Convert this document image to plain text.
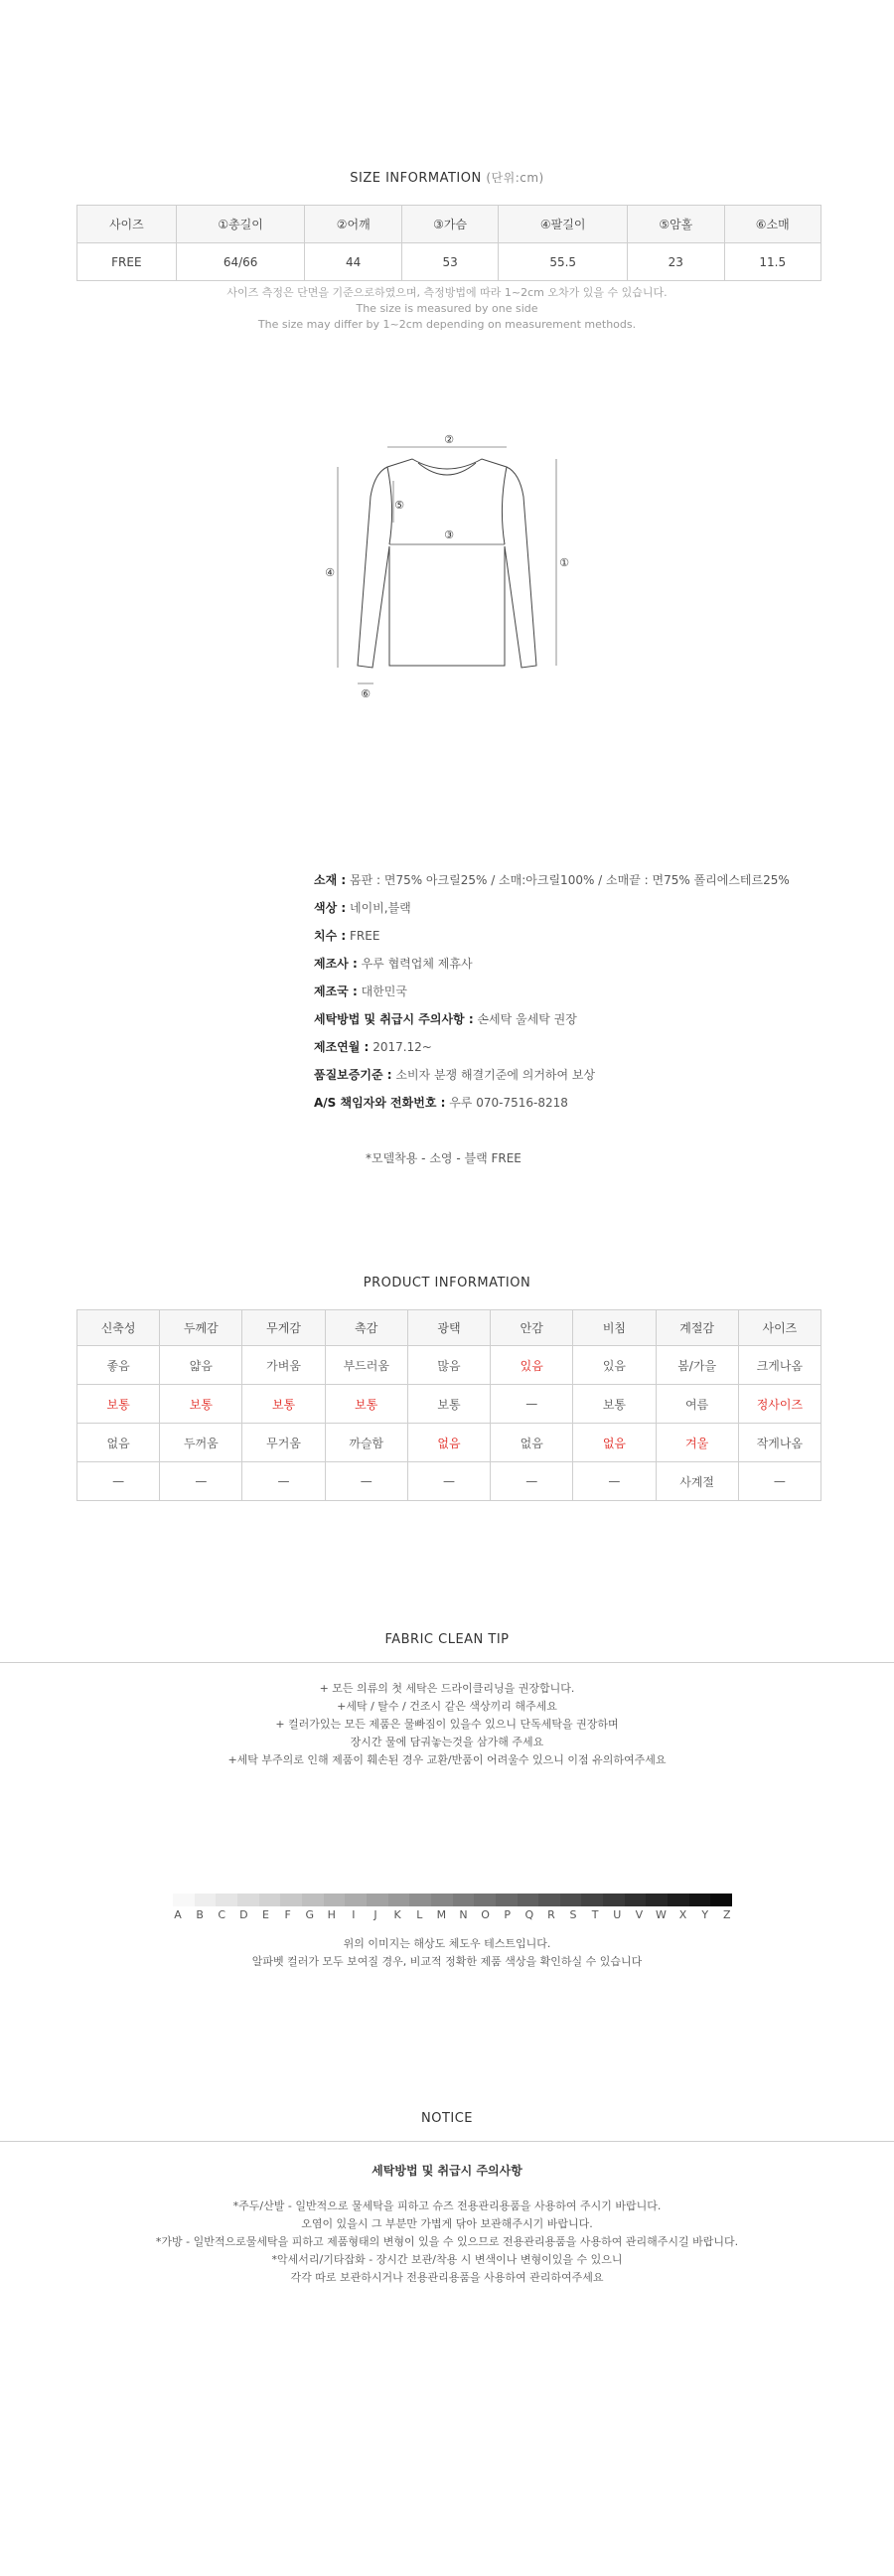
SIZE INFORMATION (단위:cm)
사이즈	①총길이	②어깨	③가슴	④팔길이	⑤암홀	⑥소매
FREE	64/66	44	53	55.5	23	11.5
사이즈 측정은 단면을 기준으로하였으며, 측정방법에 따라 1~2cm 오차가 있을 수 있습니다.
The size is measured by one side
The size may differ by 1~2cm depending on measurement methods.
②
①
④
③
⑤
⑥
소재 : 몸판 : 면75% 아크릴25% / 소매:아크릴100% / 소매끝 : 면75% 폴리에스테르25%
색상 : 네이비,블랙
치수 : FREE
제조사 : 우루 협력업체 제휴사
제조국 : 대한민국
세탁방법 및 취급시 주의사항 : 손세탁 울세탁 권장
제조연월 : 2017.12~
품질보증기준 : 소비자 분쟁 해결기준에 의거하여 보상
A/S 책임자와 전화번호 : 우루 070-7516-8218
*모델착용 - 소영 - 블랙 FREE
PRODUCT INFORMATION
신축성	두께감	무게감	촉감	광택	안감	비침	계절감	사이즈
좋음	얇음	가벼움	부드러움	많음	있음	있음	봄/가을	크게나옴
보통	보통	보통	보통	보통	—	보통	여름	정사이즈
없음	두꺼움	무거움	까슬함	없음	없음	없음	겨울	작게나옴
—	—	—	—	—	—	—	사계절	—
FABRIC CLEAN TIP
+ 모든 의류의 첫 세탁은 드라이클리닝을 권장합니다.
+세탁 / 탈수 / 건조시 같은 색상끼리 해주세요
+ 컬러가있는 모든 제품은 물빠짐이 있을수 있으니 단독세탁을 권장하며
장시간 물에 담궈놓는것을 삼가해 주세요
+세탁 부주의로 인해 제품이 훼손된 경우 교환/반품이 어려울수 있으니 이점 유의하여주세요
A	B	C	D	E	F	G	H	I	J	K	L	M	N	O	P	Q	R	S	T	U	V	W	X	Y	Z
위의 이미지는 해상도 체도우 테스트입니다.
알파벳 컬러가 모두 보여질 경우, 비교적 정확한 제품 색상을 확인하실 수 있습니다
NOTICE
세탁방법 및 취급시 주의사항
*주두/산발 - 일반적으로 물세탁을 피하고 슈즈 전용관리용품을 사용하여 주시기 바랍니다.
오염이 있을시 그 부분만 가볍게 닦아 보관해주시기 바랍니다.
*가방 - 일반적으로물세탁을 피하고 제품형태의 변형이 있을 수 있으므로 전용관리용품을 사용하여 관리해주시길 바랍니다.
*악세서리/기타잡화 - 장시간 보관/착용 시 변색이나 변형이있을 수 있으니
각각 따로 보관하시거나 전용관리용품을 사용하여 관리하여주세요
